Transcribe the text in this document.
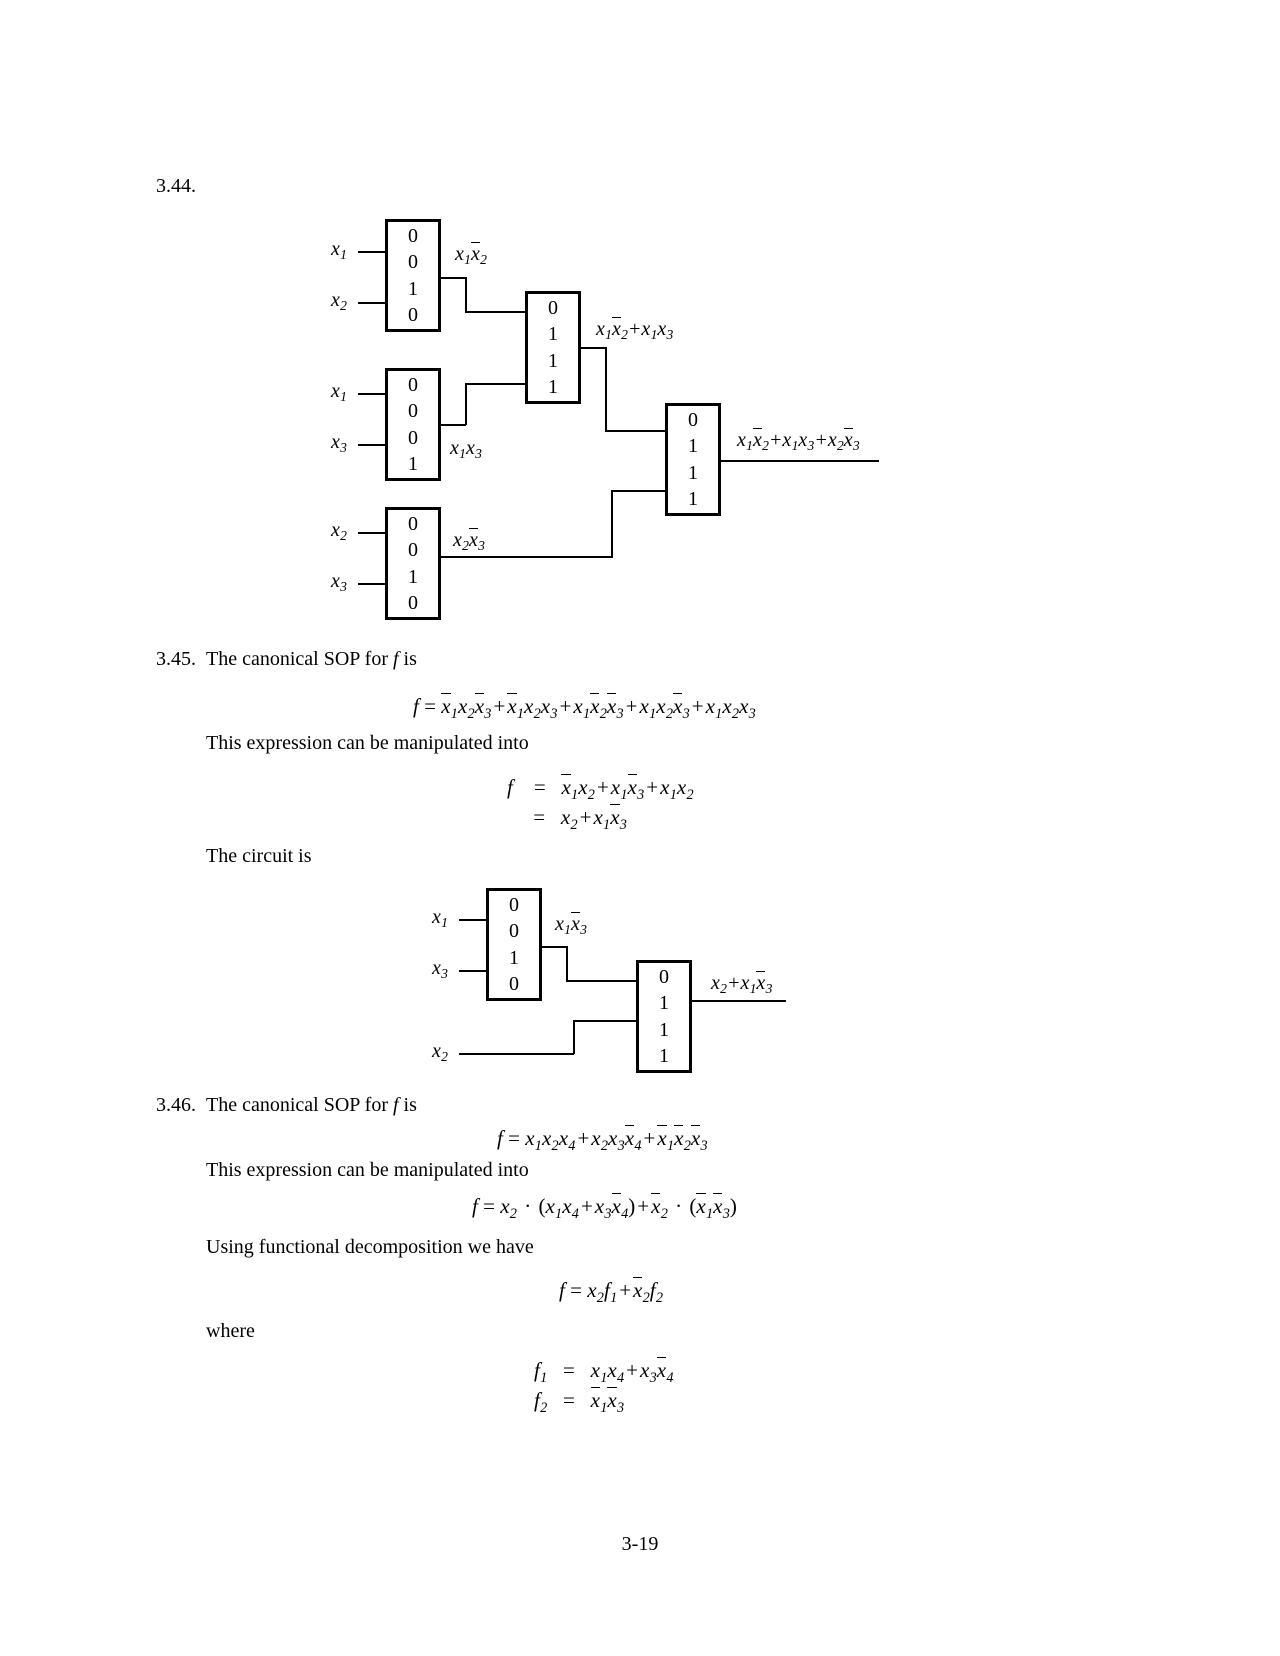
3.44.
0
0
1
0
$x_1$
$x_2$
$x_1x_2$
0
1
1
1
$x_1x_2+x_1x_3$
0
0
0
1
$x_1$
$x_3$	$x_1x_3$
0
1
1
1
$x_1x_2+x_1x_3+x_2x_3$
0
0
1
0
$x_2$
$x_3$
$x_2x_3$
3.45. The canonical SOP for f is
$f = x_1x_2x_3+x_1x_2x_3+x_1x_2x_3+x_1x_2x_3+x_1x_2x_3$
This expression can be manipulated into
f    = $x_1x_2+x_1x_3+x_1x_2$
=   $x_2+x_1x_3$
The circuit is
0
0
1
0
$x_1$
$x_3$
$x_1x_3$
0
1
1
1
$x_2+x_1x_3$
$x_2$
3.46. The canonical SOP for f is
$f = x_1x_2x_4+x_2x_3x_4+x_1x_2x_3$
This expression can be manipulated into
$f = x_2 \cdot (x_1x_4+x_3x_4)+x_2 \cdot (x_1x_3)$
Using functional decomposition we have
$f = x_2f_1+x_2f_2$
where
$f_1 = x_1x_4+x_3x_4$
$f_2 = x_1x_3$
3-19
